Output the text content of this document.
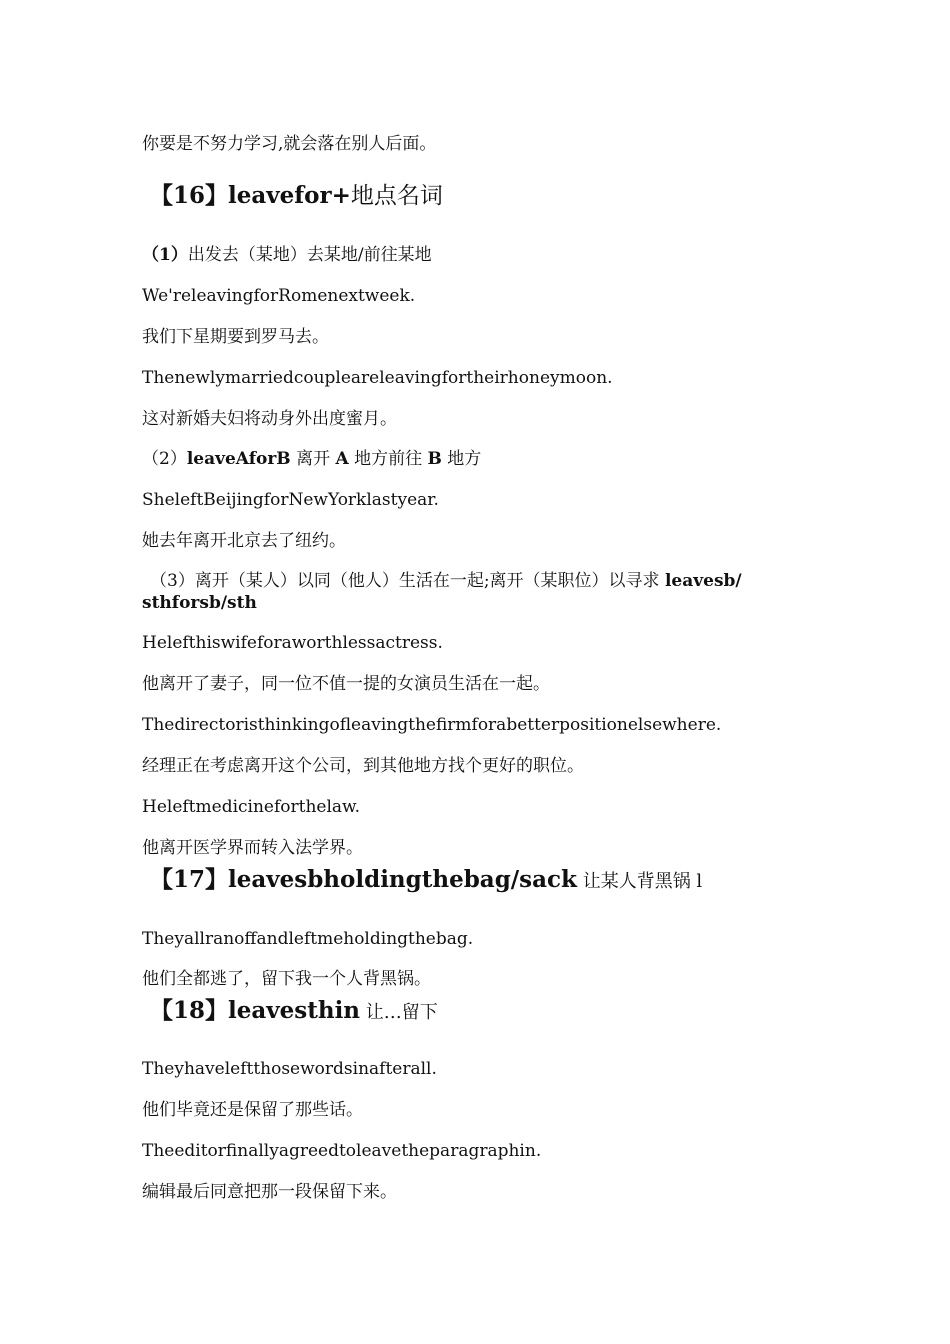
你要是不努力学习,就会落在别人后面。
【16】leavefor+地点名词
（1）出发去（某地）去某地/前往某地
We'releavingforRomenextweek.
我们下星期要到罗马去。
Thenewlymarriedcoupleareleavingfortheirhoneymoon.
这对新婚夫妇将动身外出度蜜月。
（2）leaveAforB 离开 A 地方前往 B 地方
SheleftBeijingforNewYorklastyear.
她去年离开北京去了纽约。
（3）离开（某人）以同（他人）生活在一起;离开（某职位）以寻求 leavesb/
sthforsb/sth
Helefthiswifeforaworthlessactress.
他离开了妻子，同一位不值一提的女演员生活在一起。
Thedirectoristhinkingofleavingthefirmforabetterpositionelsewhere.
经理正在考虑离开这个公司，到其他地方找个更好的职位。
Heleftmedicineforthelaw.
他离开医学界而转入法学界。
【17】leavesbholdingthebag/sack 让某人背黑锅 l
Theyallranoffandleftmeholdingthebag.
他们全都逃了，留下我一个人背黑锅。
【18】leavesthin 让…留下
Theyhaveleftthosewordsinafterall.
他们毕竟还是保留了那些话。
Theeditorfinallyagreedtoleavetheparagraphin.
编辑最后同意把那一段保留下来。
